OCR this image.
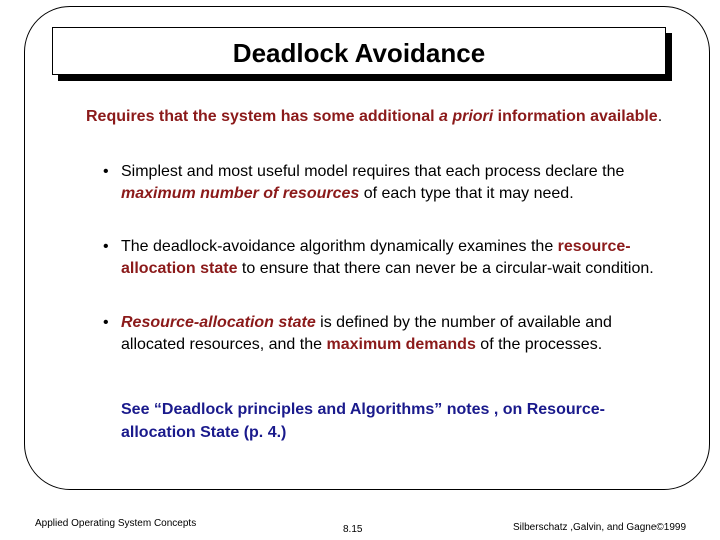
Deadlock Avoidance
Requires that the system has some additional a priori information available.
• Simplest and most useful model requires that each process declare the maximum number of resources of each type that it may need.
• The deadlock-avoidance algorithm dynamically examines the resource-allocation state to ensure that there can never be a circular-wait condition.
• Resource-allocation state is defined by the number of available and allocated resources, and the maximum demands of the processes.
See “Deadlock principles and Algorithms” notes , on Resource-allocation State (p. 4.)
Applied Operating System Concepts
8.15	Silberschatz ,Galvin, and Gagne©1999
